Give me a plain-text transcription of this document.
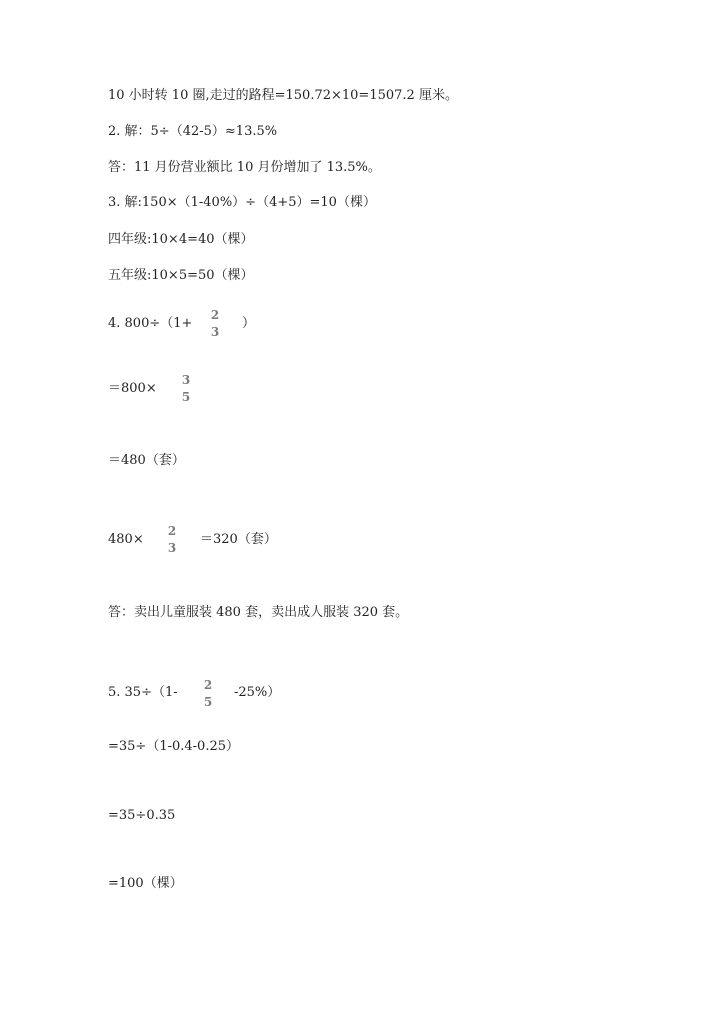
10 小时转 10 圈,走过的路程=150.72×10=1507.2 厘米。
2. 解：5÷（42-5）≈13.5%
答：11 月份营业额比 10 月份增加了 13.5%。
3. 解:150×（1-40%）÷（4+5）=10（棵）
四年级:10×4=40（棵）
五年级:10×5=50（棵）
4. 800÷（1+
2
3
）
＝800×
3
5
＝480（套）
480×
2
3
＝320（套）
答：卖出儿童服装 480 套，卖出成人服装 320 套。
5. 35÷（1- 2
5
-25%）
=35÷（1-0.4-0.25）
=35÷0.35
=100（棵）
